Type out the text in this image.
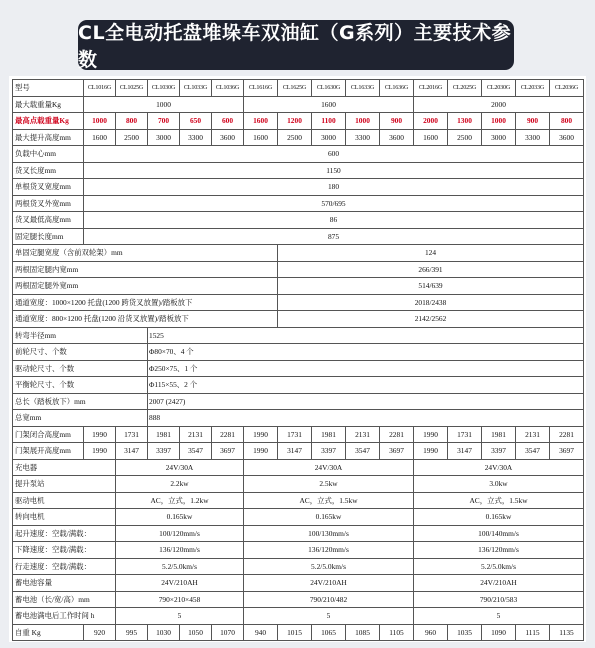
CL全电动托盘堆垛车双油缸（G系列）主要技术参数
型号	CL1016G	CL1025G	CL1030G	CL1033G	CL1036G	CL1616G	CL1625G	CL1630G	CL1633G	CL1636G	CL2016G	CL2025G	CL2030G	CL2033G	CL2036G
最大载重量Kg	1000					1600					2000				
最高点载重量Kg	1000	800	700	650	600	1600	1200	1100	1000	900	2000	1300	1000	900	800
最大提升高度mm	1600	2500	3000	3300	3600	1600	2500	3000	3300	3600	1600	2500	3000	3300	3600
负载中心mm	600														
货叉长度mm	1150														
单根货叉宽度mm	180														
两根货叉外宽mm	570/695														
货叉最低高度mm	86														
固定腿长度mm	875														
单固定腿宽度（含前双轮架）mm							124								
两根固定腿内宽mm							266/391								
两根固定腿外宽mm							514/639								
通道宽度：1000×1200 托盘(1200 跨货叉放置)/踏板放下							2018/2438								
通道宽度：800×1200 托盘(1200 沿货叉放置)/踏板放下							2142/2562								
转弯半径mm			1525												
前轮尺寸、个数			Φ80×70、4 个												
驱动轮尺寸、个数			Φ250×75、1 个												
平衡轮尺寸、个数			Φ115×55、2 个												
总长（踏板放下）mm			2007 (2427)												
总宽mm			888												
门架闭合高度mm	1990	1731	1981	2131	2281	1990	1731	1981	2131	2281	1990	1731	1981	2131	2281
门架展开高度mm	1990	3147	3397	3547	3697	1990	3147	3397	3547	3697	1990	3147	3397	3547	3697
充电器		24V/30A				24V/30A					24V/30A				
提升泵站		2.2kw				2.5kw					3.0kw				
驱动电机		AC，立式，1.2kw				AC，立式，1.5kw					AC，立式，1.5kw				
转向电机		0.165kw				0.165kw					0.165kw				
起升速度：空载/满载：		100/120mm/s				100/130mm/s					100/140mm/s				
下降速度：空载/满载：		136/120mm/s				136/120mm/s					136/120mm/s				
行走速度：空载/满载：		5.2/5.0km/s				5.2/5.0km/s					5.2/5.0km/s				
蓄电池容量		24V/210AH				24V/210AH					24V/210AH				
蓄电池（长/宽/高）mm		790×210×458				790/210/482					790/210/583				
蓄电池满电后工作时间 h		5				5					5				
自重 Kg	920	995	1030	1050	1070	940	1015	1065	1085	1105	960	1035	1090	1115	1135
